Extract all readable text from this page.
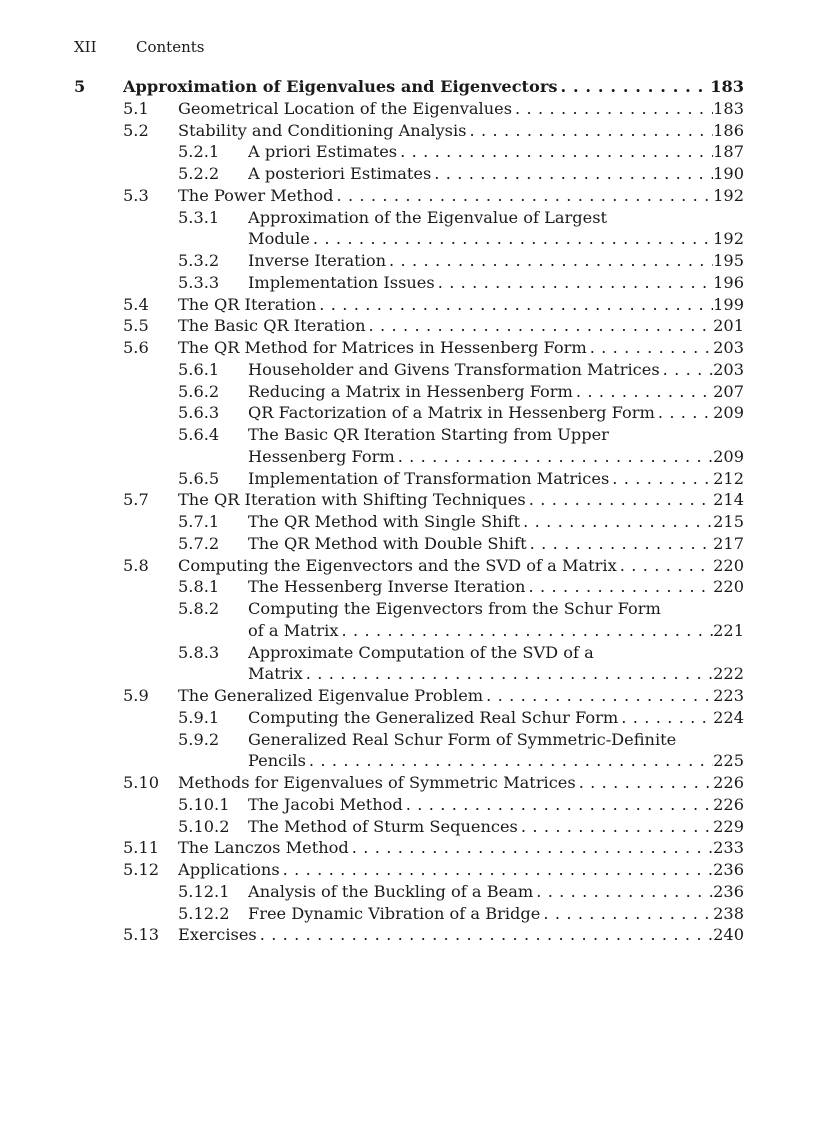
XII	Contents
5 Approximation of Eigenvalues and Eigenvectors . . .	183
5.1 Geometrical Location of the Eigenvalues . . .	183
5.2 Stability and Conditioning Analysis . . .	186
5.2.1 A priori Estimates . . .	187
5.2.2 A posteriori Estimates . . .	190
5.3 The Power Method . . .	192
5.3.1 Approximation of the Eigenvalue of Largest
Module . . .	192
5.3.2 Inverse Iteration . . .	195
5.3.3 Implementation Issues . . .	196
5.4 The QR Iteration . . .	199
5.5 The Basic QR Iteration . . .	201
5.6 The QR Method for Matrices in Hessenberg Form . . .	203
5.6.1 Householder and Givens Transformation Matrices . . .	203
5.6.2 Reducing a Matrix in Hessenberg Form . . .	207
5.6.3 QR Factorization of a Matrix in Hessenberg Form . . .	209
5.6.4 The Basic QR Iteration Starting from Upper
Hessenberg Form . . .	209
5.6.5 Implementation of Transformation Matrices . . .	212
5.7 The QR Iteration with Shifting Techniques . . .	214
5.7.1 The QR Method with Single Shift . . .	215
5.7.2 The QR Method with Double Shift . . .	217
5.8 Computing the Eigenvectors and the SVD of a Matrix . . .	220
5.8.1 The Hessenberg Inverse Iteration . . .	220
5.8.2 Computing the Eigenvectors from the Schur Form
of a Matrix . . .	221
5.8.3 Approximate Computation of the SVD of a
Matrix . . .	222
5.9 The Generalized Eigenvalue Problem . . .	223
5.9.1 Computing the Generalized Real Schur Form . . .	224
5.9.2 Generalized Real Schur Form of Symmetric-Definite
Pencils . . .	225
5.10 Methods for Eigenvalues of Symmetric Matrices . . .	226
5.10.1 The Jacobi Method . . .	226
5.10.2 The Method of Sturm Sequences . . .	229
5.11 The Lanczos Method . . .	233
5.12 Applications . . .	236
5.12.1 Analysis of the Buckling of a Beam . . .	236
5.12.2 Free Dynamic Vibration of a Bridge . . .	238
5.13 Exercises . . .	240
